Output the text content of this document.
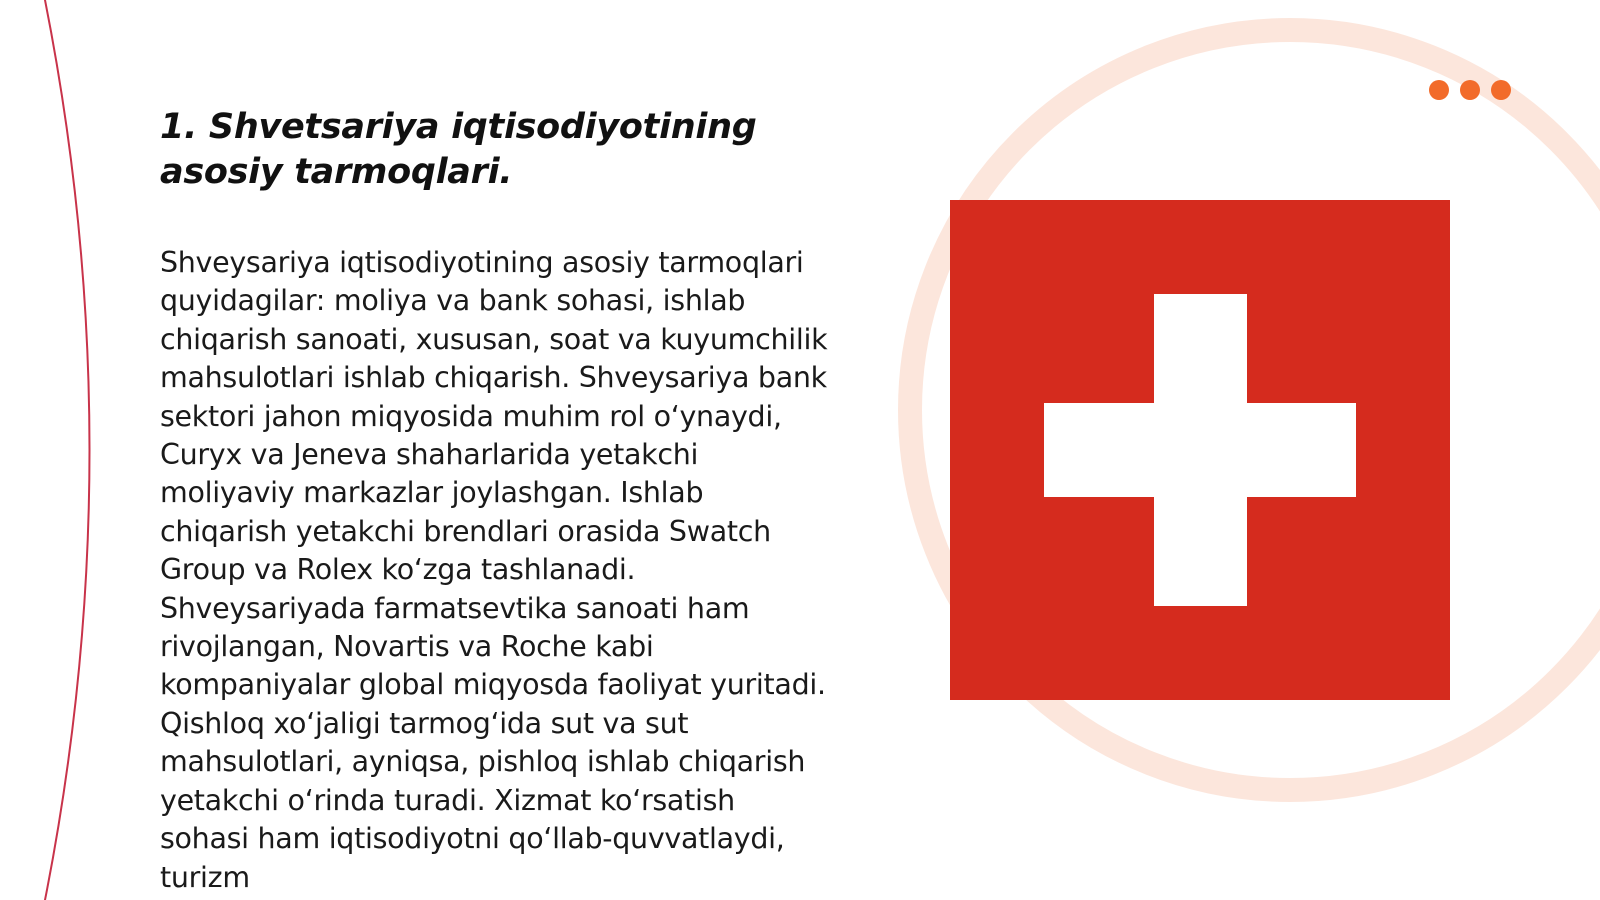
1. Shvetsariya iqtisodiyotining asosiy tarmoqlari.

Shveysariya iqtisodiyotining asosiy tarmoqlari quyidagilar: moliya va bank sohasi, ishlab chiqarish sanoati, xususan, soat va kuyumchilik mahsulotlari ishlab chiqarish. Shveysariya bank sektori jahon miqyosida muhim rol o‘ynaydi, Curyx va Jeneva shaharlarida yetakchi moliyaviy markazlar joylashgan. Ishlab chiqarish yetakchi brendlari orasida Swatch Group va Rolex ko‘zga tashlanadi. Shveysariyada farmatsevtika sanoati ham rivojlangan, Novartis va Roche kabi kompaniyalar global miqyosda faoliyat yuritadi. Qishloq xo‘jaligi tarmog‘ida sut va sut mahsulotlari, ayniqsa, pishloq ishlab chiqarish yetakchi o‘rinda turadi. Xizmat ko‘rsatish sohasi ham iqtisodiyotni qo‘llab-quvvatlaydi, turizm
